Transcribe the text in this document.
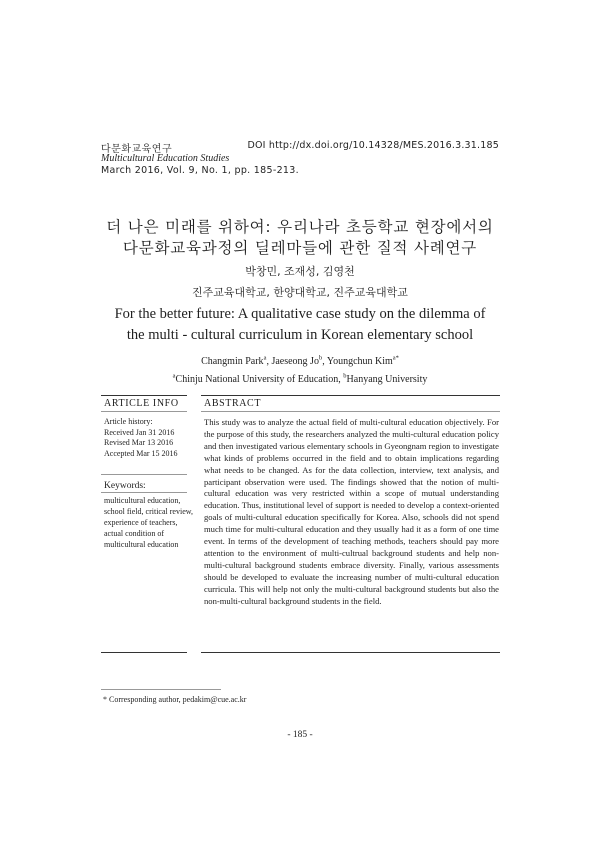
다문화교육연구
Multicultural Education Studies
March 2016, Vol. 9, No. 1, pp. 185-213.
DOI http://dx.doi.org/10.14328/MES.2016.3.31.185
더 나은 미래를 위하여: 우리나라 초등학교 현장에서의
다문화교육과정의 딜레마들에 관한 질적 사례연구
박창민, 조재성, 김영천
진주교육대학교, 한양대학교, 진주교육대학교
For the better future: A qualitative case study on the dilemma of
the multi - cultural curriculum in Korean elementary school
Changmin Park$^a$, Jaeseong Jo$^b$, Youngchun Kim$^{a*}$
$^a$Chinju National University of Education, $^b$Hanyang University
ARTICLE INFO
Article history:
Received Jan 31 2016
Revised Mar 13 2016
Accepted Mar 15 2016
Keywords:
multicultural education, school field, critical review, experience of teachers, actual condition of multicultural education
ABSTRACT
This study was to analyze the actual field of multi-cultural education objectively. For the purpose of this study, the researchers analyzed the multi-cultural education policy and then investigated various elementary schools in Gyeongnam region to investigate what kinds of problems occurred in the field and to obtain implications regarding what needs to be changed. As for the data collection, interview, text analysis, and participant observation were used. The findings showed that the notion of multi-cultural education was very restricted within a scope of mutual understanding education. Thus, institutional level of support is needed to develop a context-oriented goals of multi-cultural education specifically for Korea. Also, schools did not spend much time for multi-cultural education and they usually had it as a form of one time event. In terms of the development of teaching methods, teachers should pay more attention to the environment of multi-cultrual background students and help non-multi-cultural background students embrace diversity. Finally, various assessments should be developed to evaluate the increasing number of multi-cultural education curricula. This will help not only the multi-cultural background students but also the non-multi-cultural background students in the field.
* Corresponding author, pedakim@cue.ac.kr
- 185 -
